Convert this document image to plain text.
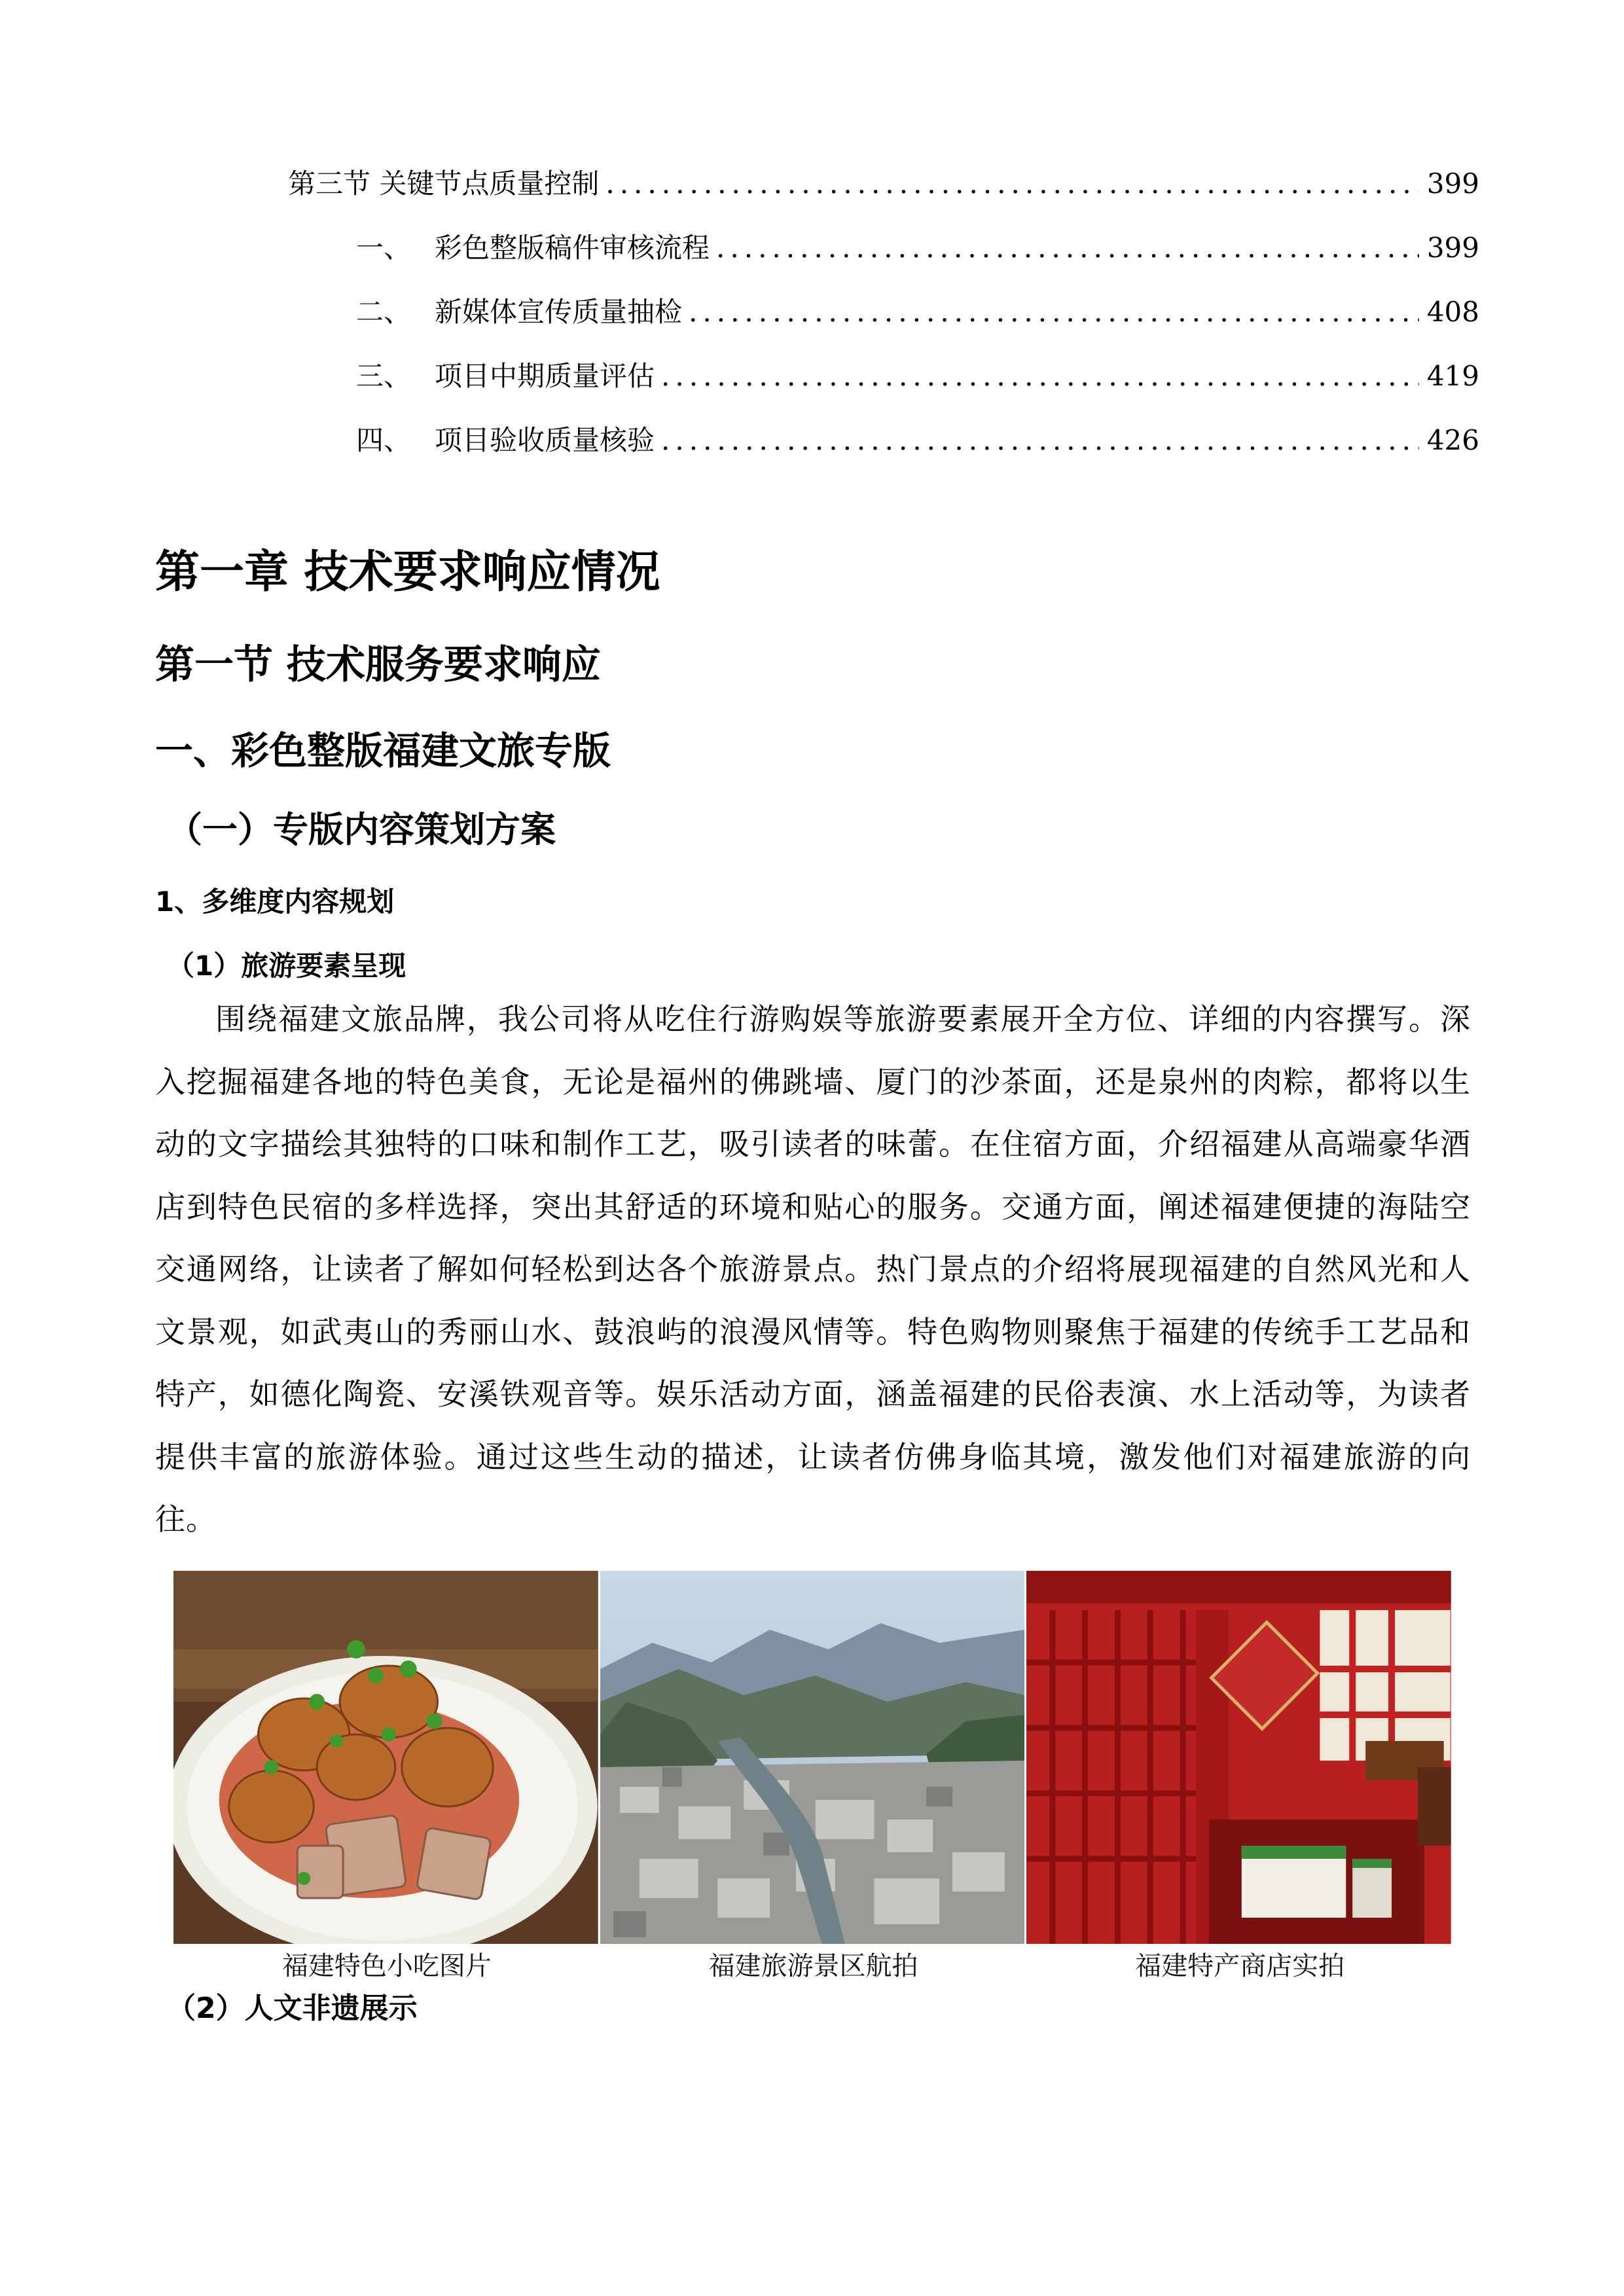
第三节 关键节点质量控制 .....	399
一、 彩色整版稿件审核流程 .....	399
二、 新媒体宣传质量抽检 .....	408
三、 项目中期质量评估 .....	419
四、 项目验收质量核验 .....	426
第一章 技术要求响应情况
第一节 技术服务要求响应
一、彩色整版福建文旅专版
（一）专版内容策划方案
1、多维度内容规划
（1）旅游要素呈现

围绕福建文旅品牌，我公司将从吃住行游购娱等旅游要素展开全方位、详细的内容撰写。深入挖掘福建各地的特色美食，无论是福州的佛跳墙、厦门的沙茶面，还是泉州的肉粽，都将以生动的文字描绘其独特的口味和制作工艺，吸引读者的味蕾。在住宿方面，介绍福建从高端豪华酒店到特色民宿的多样选择，突出其舒适的环境和贴心的服务。交通方面，阐述福建便捷的海陆空交通网络，让读者了解如何轻松到达各个旅游景点。热门景点的介绍将展现福建的自然风光和人文景观，如武夷山的秀丽山水、鼓浪屿的浪漫风情等。特色购物则聚焦于福建的传统手工艺品和特产，如德化陶瓷、安溪铁观音等。娱乐活动方面，涵盖福建的民俗表演、水上活动等，为读者提供丰富的旅游体验。通过这些生动的描述，让读者仿佛身临其境，激发他们对福建旅游的向往。

福建特色小吃图片	福建旅游景区航拍	福建特产商店实拍
（2）人文非遗展示
